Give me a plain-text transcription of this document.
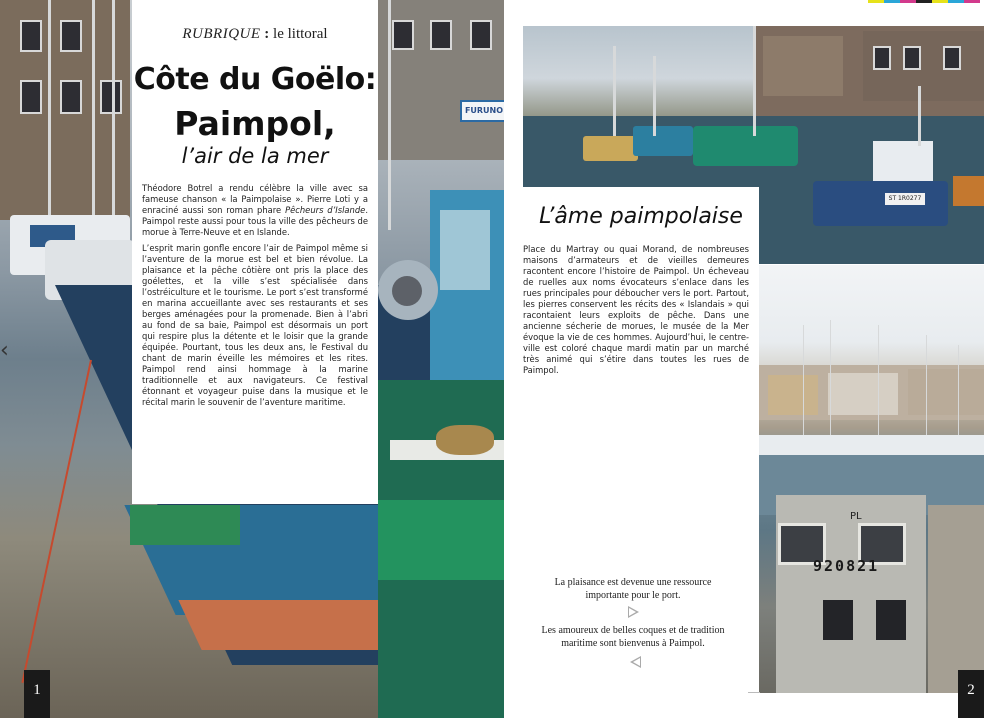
FURUNO
‹
RUBRIQUE : le littoral
Côte du Goëlo:
Paimpol,
l’air de la mer

Théodore Botrel a rendu célèbre la ville avec sa fameuse chanson « la Paimpolaise ». Pierre Loti y a enraciné aussi son roman phare Pêcheurs d’Islande. Paimpol reste aussi pour tous la ville des pêcheurs de morue à Terre-Neuve et en Islande.

L’esprit marin gonfle encore l’air de Paimpol même si l’aventure de la morue est bel et bien révolue. La plaisance et la pêche côtière ont pris la place des goélettes, et la ville s’est spécialisée dans l’ostréiculture et le tourisme. Le port s’est transformé en marina accueillante avec ses restaurants et ses berges aménagées pour la promenade. Bien à l’abri au fond de sa baie, Paimpol est désormais un port qui respire plus la détente et le loisir que la grande équipée. Pourtant, tous les deux ans, le Festival du chant de marin éveille les mémoires et les rites. Paimpol rend ainsi hommage à la marine traditionnelle et aux navigateurs. Ce festival étonnant et voyageur puise dans la musique et le récital marin le souvenir de l’aventure maritime.

1
ST 1R0277
PL
920821
L’âme paimpolaise
Place du Martray ou quai Morand, de nombreuses maisons d’armateurs et de vieilles demeures racontent encore l’histoire de Paimpol. Un écheveau de ruelles aux noms évocateurs s’enlace dans les rues principales pour déboucher vers le port. Partout, les pierres conservent les récits des « Islandais » qui racontaient leurs exploits de pêche. Dans une ancienne sécherie de morues, le musée de la Mer évoque la vie de ces hommes. Aujourd’hui, le centre-ville est coloré chaque mardi matin par un marché très animé qui s’étire dans toutes les rues de Paimpol.
La plaisance est devenue une ressource importante pour le port.
Les amoureux de belles coques et de tradition maritime sont bienvenus à Paimpol.
2
